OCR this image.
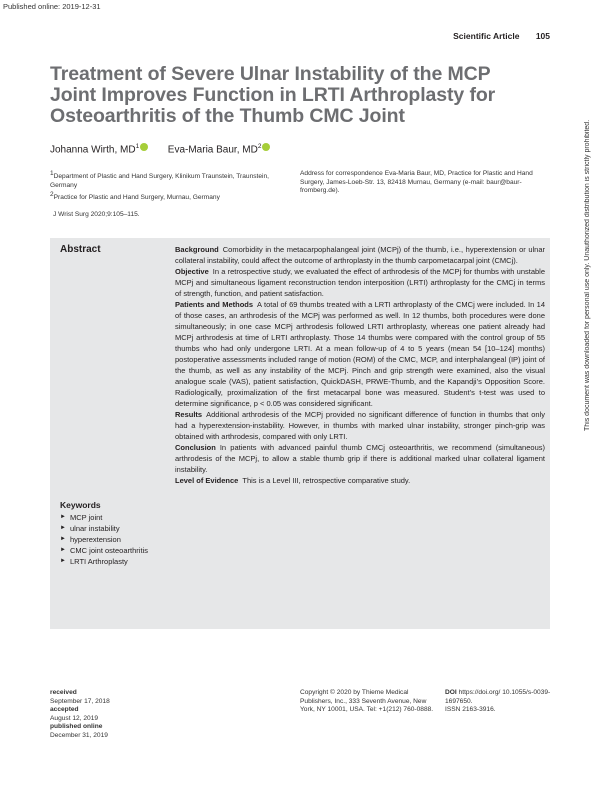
Published online: 2019-12-31
Scientific Article 105
Treatment of Severe Ulnar Instability of the MCP
Joint Improves Function in LRTI Arthroplasty for
Osteoarthritis of the Thumb CMC Joint
Johanna Wirth, $MD^1$	Eva-Maria Baur, $MD^2$
$^1$Department of Plastic and Hand Surgery, Klinikum Traunstein, Traunstein, Germany
$^2$Practice for Plastic and Hand Surgery, Murnau, Germany
Address for correspondence Eva-Maria Baur, MD, Practice for Plastic and Hand Surgery, James-Loeb-Str. 13, 82418 Murnau, Germany (e-mail: baur@baur-fromberg.de).
J Wrist Surg 2020;9:105–115.
Abstract	Background Comorbidity in the metacarpophalangeal joint (MCPj) of the thumb, i.e., hyperextension or ulnar collateral instability, could affect the outcome of arthroplasty in the thumb carpometacarpal joint (CMCj).

Objective In a retrospective study, we evaluated the effect of arthrodesis of the MCPj for thumbs with unstable MCPj and simultaneous ligament reconstruction tendon interposition (LRTI) arthroplasty for the CMCj in terms of strength, function, and patient satisfaction.

Patients and Methods A total of 69 thumbs treated with a LRTI arthroplasty of the CMCj were included. In 14 of those cases, an arthrodesis of the MCPj was performed as well. In 12 thumbs, both procedures were done simultaneously; in one case MCPj arthrodesis followed LRTI arthroplasty, whereas one patient already had MCPj arthrodesis at time of LRTI arthroplasty. Those 14 thumbs were compared with the control group of 55 thumbs who had only undergone LRTI. At a mean follow-up of 4 to 5 years (mean 54 [10–124] months) postoperative assessments included range of motion (ROM) of the CMC, MCP, and interphalangeal (IP) joint of the thumb, as well as any instability of the MCPj. Pinch and grip strength were examined, also the visual analogue scale (VAS), patient satisfaction, QuickDASH, PRWE-Thumb, and the Kapandji’s Opposition Score. Radiologically, proximalization of the first metacarpal bone was measured. Student’s t-test was used to determine significance, p < 0.05 was considered significant.

Results Additional arthrodesis of the MCPj provided no significant difference of function in thumbs that only had a hyperextension-instability. However, in thumbs with marked ulnar instability, stronger pinch-grip was obtained with arthrodesis, compared with only LRTI.

Conclusion In patients with advanced painful thumb CMCj osteoarthritis, we recommend (simultaneous) arthrodesis of the MCPj, to allow a stable thumb grip if there is additional marked ulnar collateral ligament instability.

Level of Evidence This is a Level III, retrospective comparative study.

Keywords
► MCP joint
► ulnar instability
► hyperextension
► CMC joint osteoarthritis
► LRTI Arthroplasty
received
September 17, 2018
accepted
August 12, 2019
published online
December 31, 2019
Copyright © 2020 by Thieme Medical Publishers, Inc., 333 Seventh Avenue, New York, NY 10001, USA. Tel: +1(212) 760-0888.
DOI https://doi.org/ 10.1055/s-0039-1697650.
ISSN 2163-3916.
This document was downloaded for personal use only. Unauthorized distribution is strictly prohibited.
